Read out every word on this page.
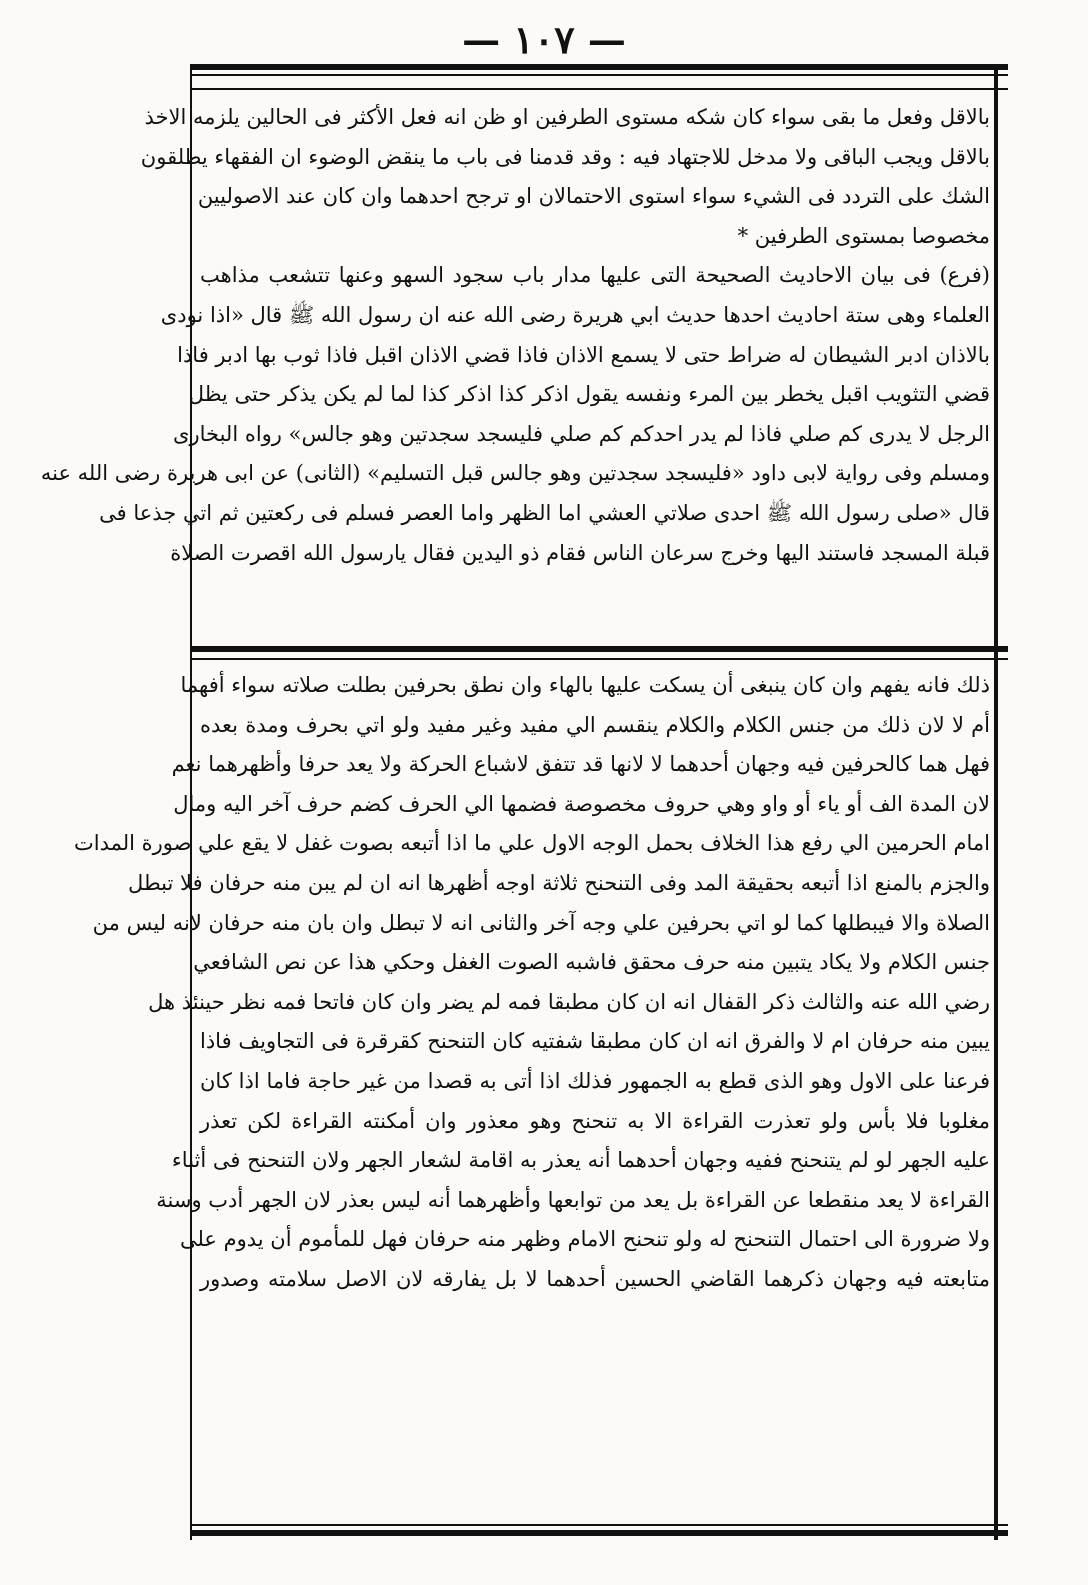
— ١٠٧ —
بالاقل وفعل ما بقى سواء كان شكه مستوى الطرفين او ظن انه فعل الأكثر فى الحالين يلزمه الاخذ
بالاقل ويجب الباقى ولا مدخل للاجتهاد فيه : وقد قدمنا فى باب ما ينقض الوضوء ان الفقهاء يطلقون
الشك على التردد فى الشيء سواء استوى الاحتمالان او ترجح احدهما وان كان عند الاصوليين
مخصوصا بمستوى الطرفين *
(فرع) فى بيان الاحاديث الصحيحة التى عليها مدار باب سجود السهو وعنها تتشعب مذاهب
العلماء وهى ستة احاديث احدها حديث ابي هريرة رضى الله عنه ان رسول الله ﷺ قال «اذا نودى
بالاذان ادبر الشيطان له ضراط حتى لا يسمع الاذان فاذا قضي الاذان اقبل فاذا ثوب بها ادبر فاذا
قضي التثويب اقبل يخطر بين المرء ونفسه يقول اذكر كذا اذكر كذا لما لم يكن يذكر حتى يظل
الرجل لا يدرى كم صلي فاذا لم يدر احدكم كم صلي فليسجد سجدتين وهو جالس» رواه البخارى
ومسلم وفى رواية لابى داود «فليسجد سجدتين وهو جالس قبل التسليم» (الثانى) عن ابى هريرة رضى الله عنه
قال «صلى رسول الله ﷺ احدى صلاتي العشي اما الظهر واما العصر فسلم فى ركعتين ثم اتي جذعا فى
قبلة المسجد فاستند اليها وخرج سرعان الناس فقام ذو اليدين فقال يارسول الله اقصرت الصلاة
ذلك فانه يفهم وان كان ينبغى أن يسكت عليها بالهاء وان نطق بحرفين بطلت صلاته سواء أفهما
أم لا لان ذلك من جنس الكلام والكلام ينقسم الي مفيد وغير مفيد ولو اتي بحرف ومدة بعده
فهل هما كالحرفين فيه وجهان أحدهما لا لانها قد تتفق لاشباع الحركة ولا يعد حرفا وأظهرهما نعم
لان المدة الف أو ياء أو واو وهي حروف مخصوصة فضمها الي الحرف كضم حرف آخر اليه ومال
امام الحرمين الي رفع هذا الخلاف بحمل الوجه الاول علي ما اذا أتبعه بصوت غفل لا يقع علي صورة المدات
والجزم بالمنع اذا أتبعه بحقيقة المد وفى التنحنح ثلاثة اوجه أظهرها انه ان لم يبن منه حرفان فلا تبطل
الصلاة والا فيبطلها كما لو اتي بحرفين علي وجه آخر والثانى انه لا تبطل وان بان منه حرفان لانه ليس من
جنس الكلام ولا يكاد يتبين منه حرف محقق فاشبه الصوت الغفل وحكي هذا عن نص الشافعي
رضي الله عنه والثالث ذكر القفال انه ان كان مطبقا فمه لم يضر وان كان فاتحا فمه نظر حينئذ هل
يبين منه حرفان ام لا والفرق انه ان كان مطبقا شفتيه كان التنحنح كقرقرة فى التجاويف فاذا
فرعنا على الاول وهو الذى قطع به الجمهور فذلك اذا أتى به قصدا من غير حاجة فاما اذا كان
مغلوبا فلا بأس ولو تعذرت القراءة الا به تنحنح وهو معذور وان أمكنته القراءة لكن تعذر
عليه الجهر لو لم يتنحنح ففيه وجهان أحدهما أنه يعذر به اقامة لشعار الجهر ولان التنحنح فى أثناء
القراءة لا يعد منقطعا عن القراءة بل يعد من توابعها وأظهرهما أنه ليس بعذر لان الجهر أدب وسنة
ولا ضرورة الى احتمال التنحنح له ولو تنحنح الامام وظهر منه حرفان فهل للمأموم أن يدوم على
متابعته فيه وجهان ذكرهما القاضي الحسين أحدهما لا بل يفارقه لان الاصل سلامته وصدور
